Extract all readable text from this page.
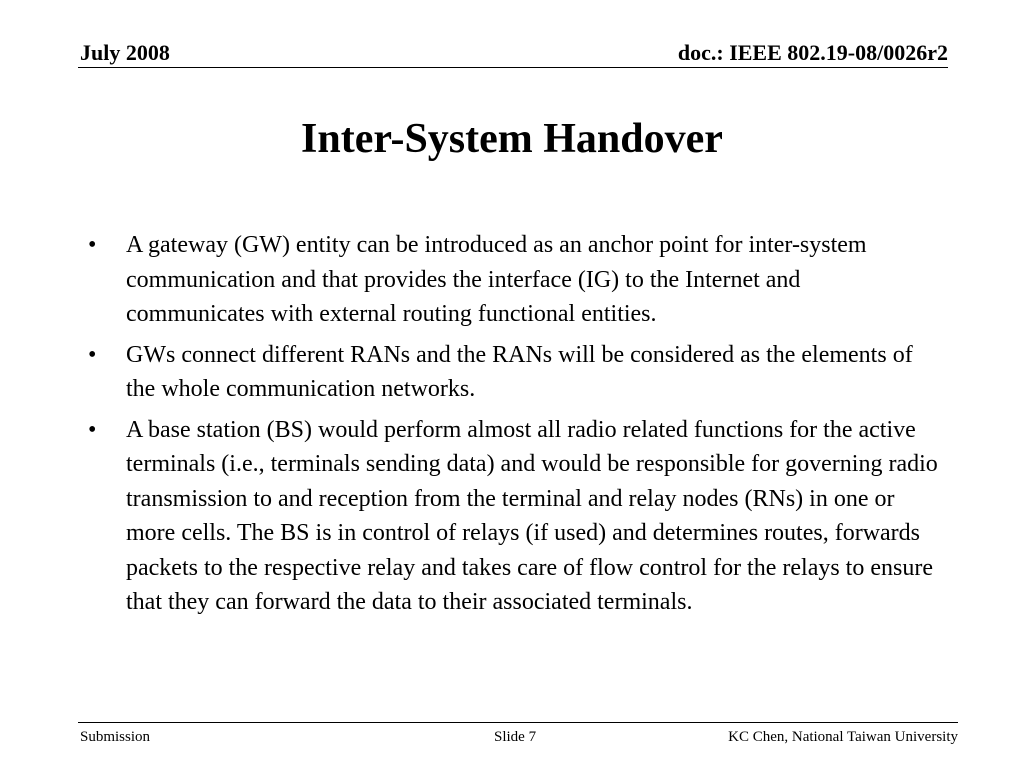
July 2008	doc.: IEEE 802.19-08/0026r2
Inter-System Handover
•	A gateway (GW) entity can be introduced as an anchor point for inter-system communication and that provides the interface (IG) to the Internet and communicates with external routing functional entities.
•	GWs connect different RANs and the RANs will be considered as the elements of the whole communication networks.
•	A base station (BS) would perform almost all radio related functions for the active terminals (i.e., terminals sending data) and would be responsible for governing radio transmission to and reception from the terminal and relay nodes (RNs) in one or more cells. The BS is in control of relays (if used) and determines routes, forwards packets to the respective relay and takes care of flow control for the relays to ensure that they can forward the data to their associated terminals.
Submission	Slide 7	KC Chen, National Taiwan University
